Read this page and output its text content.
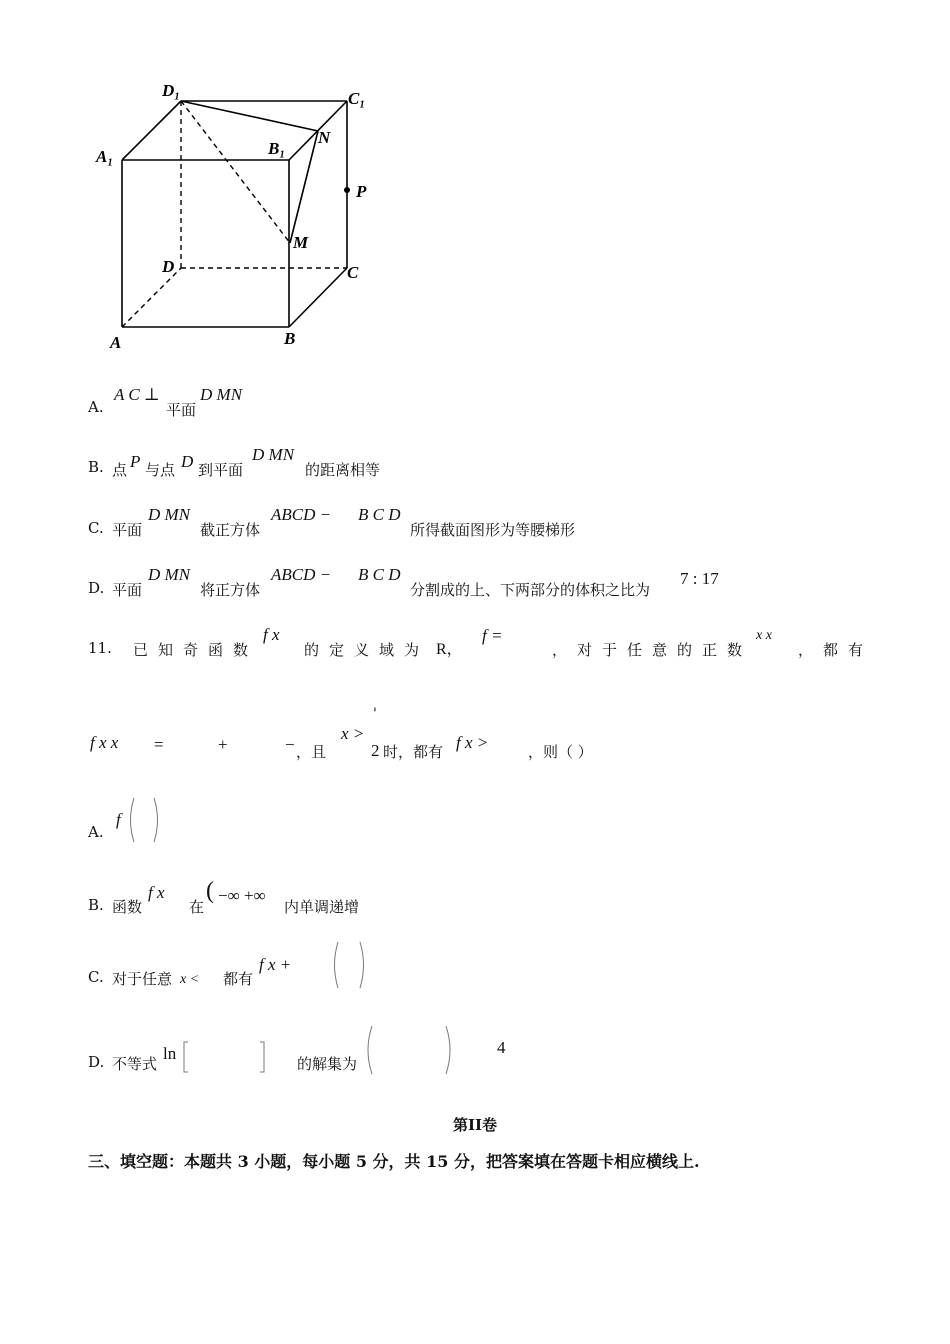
D₁	C₁
A₁	B₁
N
P
M
D	C
A	B
A.
A C ⊥
平面
D MN
B. 点 P 与点 D 到平面
D MN
的距离相等
C. 平面
D MN
截正方体
ABCD − B C D
所得截面图形为等腰梯形
D. 平面
D MN
将正方体
ABCD − B C D
分割成的上、下两部分的体积之比为
7 : 17
11. 已知奇函数
f x
的定义域为 R，
f =
，对于任意的正数
x x
，都有
'
f x x =	+	− ，且
x >
2 时，都有 f x >	，则（ ）
A.
f
B. 函数
f x
在
( −∞ +∞
内单调递增
C. 对于任意 x < 都有
f x +
D. 不等式
ln
的解集为
4
第II卷
三、填空题：本题共 3 小题，每小题 5 分，共 15 分，把答案填在答题卡相应横线上.
